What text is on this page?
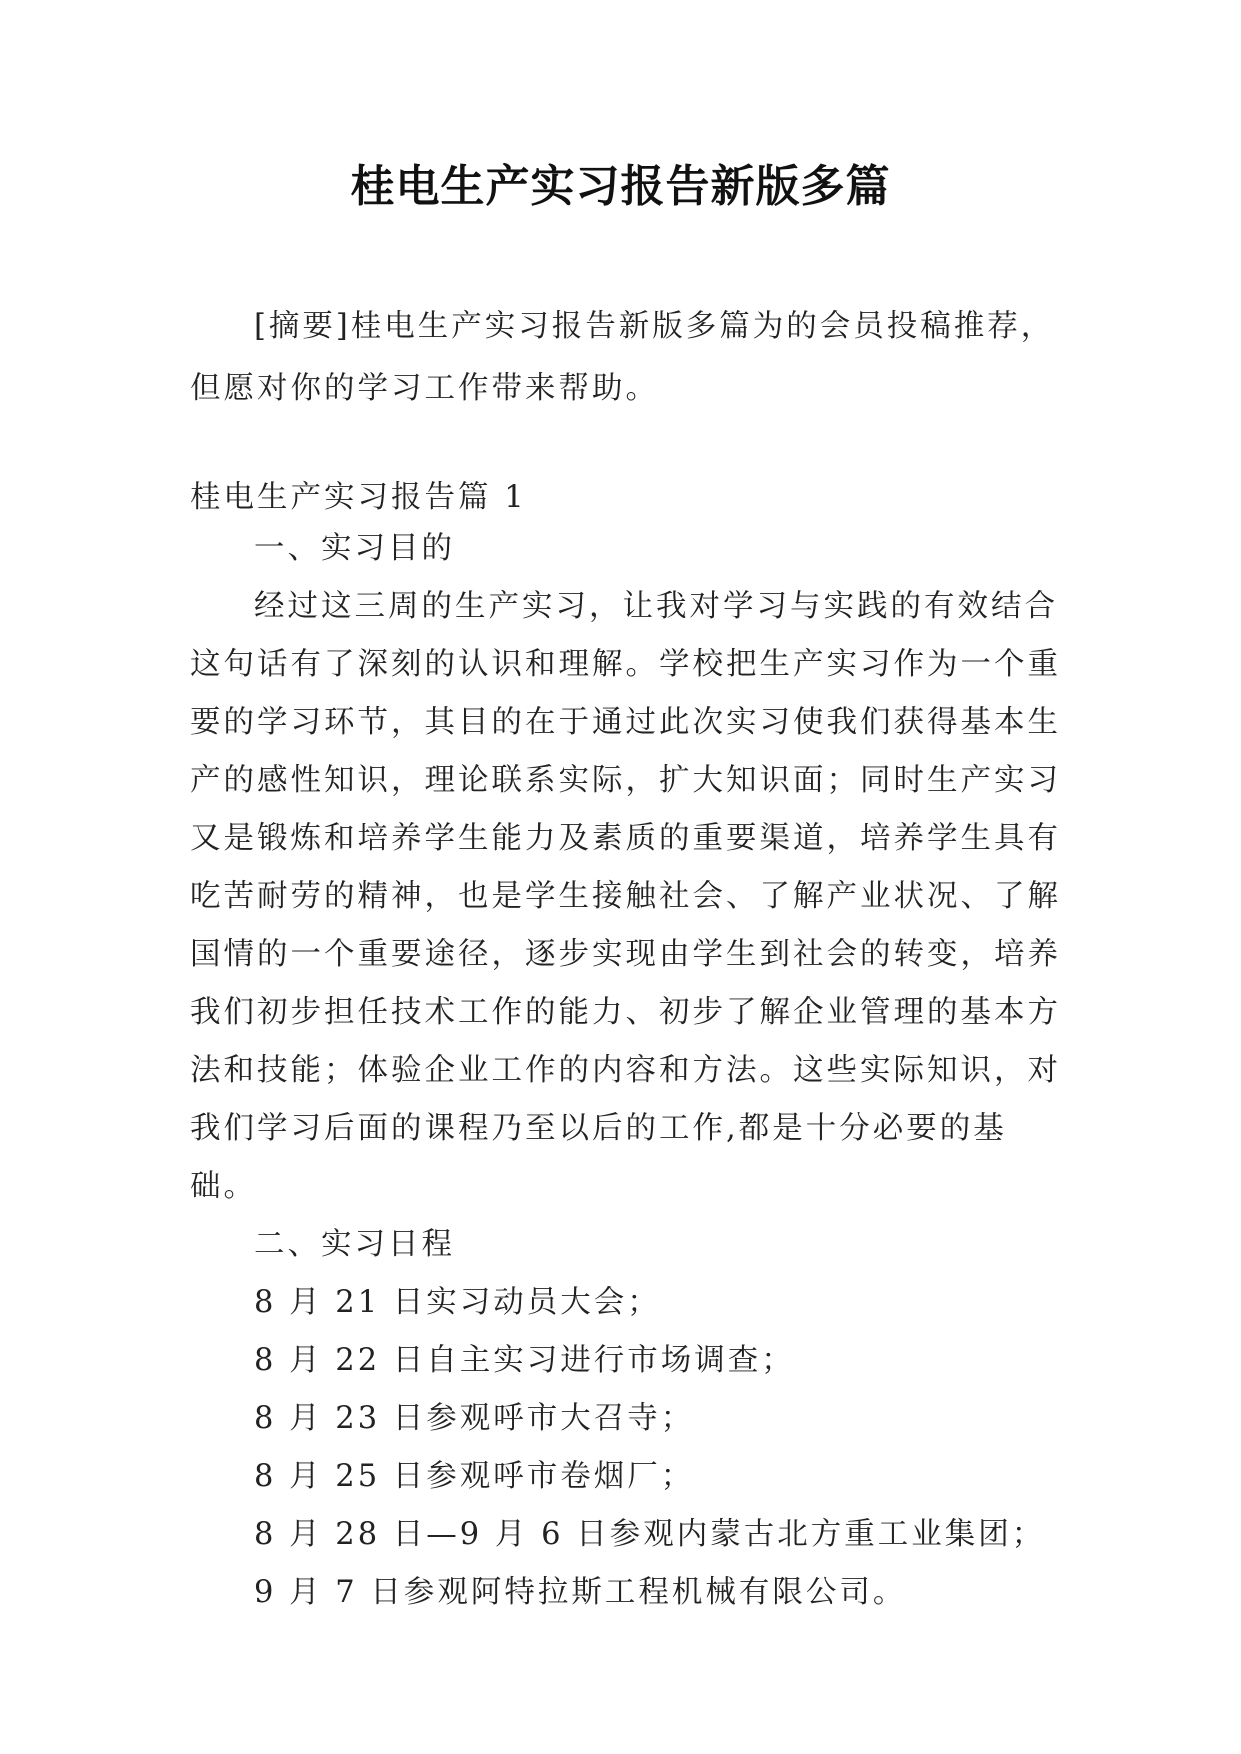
桂电生产实习报告新版多篇

[摘要]桂电生产实习报告新版多篇为的会员投稿推荐，但愿对你的学习工作带来帮助。

桂电生产实习报告篇 1

一、实习目的

经过这三周的生产实习，让我对学习与实践的有效结合这句话有了深刻的认识和理解。学校把生产实习作为一个重要的学习环节，其目的在于通过此次实习使我们获得基本生产的感性知识，理论联系实际，扩大知识面；同时生产实习又是锻炼和培养学生能力及素质的重要渠道，培养学生具有吃苦耐劳的精神，也是学生接触社会、了解产业状况、了解国情的一个重要途径，逐步实现由学生到社会的转变，培养我们初步担任技术工作的能力、初步了解企业管理的基本方法和技能；体验企业工作的内容和方法。这些实际知识，对我们学习后面的课程乃至以后的工作,都是十分必要的基础。

二、实习日程

8 月 21 日实习动员大会；

8 月 22 日自主实习进行市场调查；

8 月 23 日参观呼市大召寺；

8 月 25 日参观呼市卷烟厂；

8 月 28 日—9 月 6 日参观内蒙古北方重工业集团；

9 月 7 日参观阿特拉斯工程机械有限公司。
